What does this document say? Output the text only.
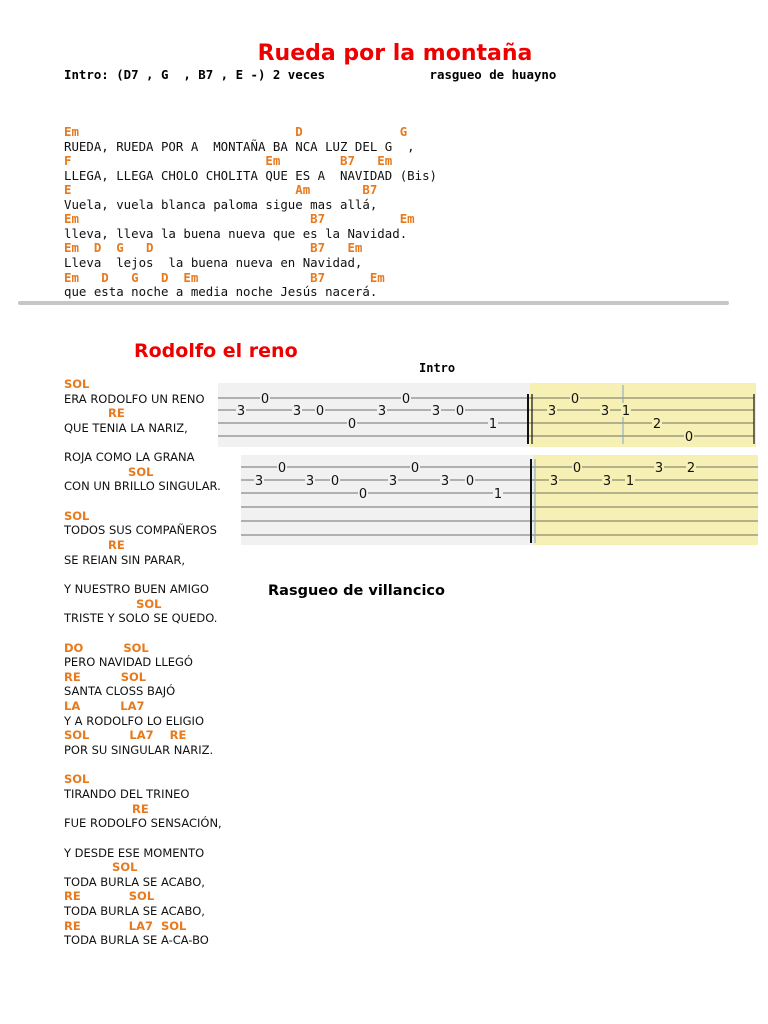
Rueda por la montaña
Intro: (D7 , G  , B7 , E -) 2 veces              rasgueo de huayno

Em                             D             G
RUEDA, RUEDA POR A  MONTAÑA BA NCA LUZ DEL G  ,
F                          Em        B7   Em
LLEGA, LLEGA CHOLO CHOLITA QUE ES A  NAVIDAD (Bis)
E                              Am       B7
Vuela, vuela blanca paloma sigue mas allá,
Em                               B7          Em
lleva, lleva la buena nueva que es la Navidad.
Em  D  G   D                     B7   Em
Lleva  lejos  la buena nueva en Navidad,
Em   D   G   D  Em               B7      Em
que esta noche a media noche Jesús nacerá.

Rodolfo el reno
Intro
SOL
ERA RODOLFO UN RENO
RE
QUE TENIA LA NARIZ,
ROJA COMO LA GRANA
SOL
CON UN BRILLO SINGULAR.
SOL
TODOS SUS COMPAÑEROS
RE
SE REIAN SIN PARAR,
Y NUESTRO BUEN AMIGO
SOL
TRISTE Y SOLO SE QUEDO.
DO          SOL
PERO NAVIDAD LLEGÓ
RE          SOL
SANTA CLOSS BAJÓ
LA          LA7
Y A RODOLFO LO ELIGIO
SOL          LA7    RE
POR SU SINGULAR NARIZ.
SOL
TIRANDO DEL TRINEO
RE
FUE RODOLFO SENSACIÓN,
Y DESDE ESE MOMENTO
SOL
TODA BURLA SE ACABO,
RE            SOL
TODA BURLA SE ACABO,
RE            LA7  SOL
TODA BURLA SE A-CA-BO
3
0
3 0
0
3
0
3 0
1
3
0
3 1
2
0
3
0
3 0
0
3
0
3 0
1
3
0
3 1
3 2
Rasgueo de villancico
